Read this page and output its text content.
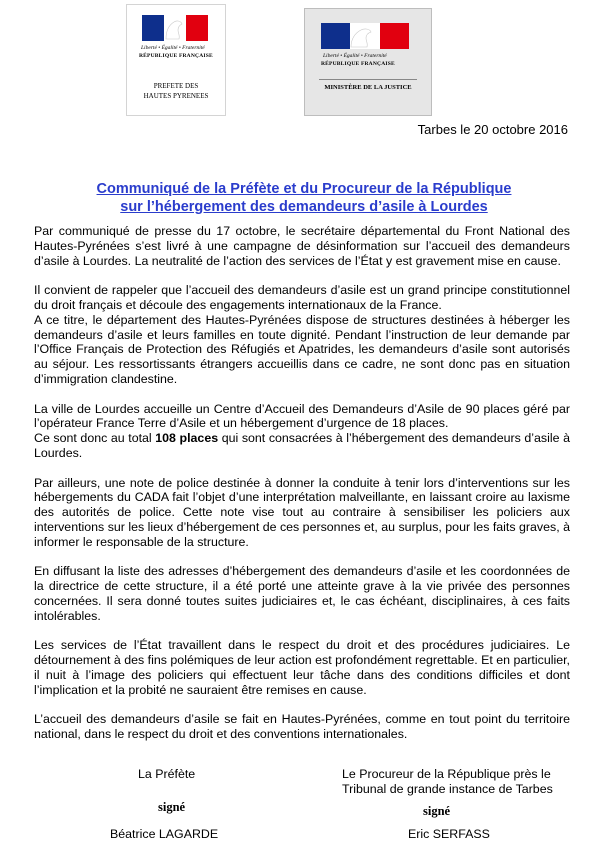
Liberté • Égalité • Fraternité
RÉPUBLIQUE FRANÇAISE
PREFETE DES
HAUTES PYRENEES
Liberté • Égalité • Fraternité
RÉPUBLIQUE FRANÇAISE
MINISTÈRE DE LA JUSTICE
Tarbes le 20 octobre 2016
Communiqué de la Préfète et du Procureur de la République
sur l’hébergement des demandeurs d’asile à Lourdes

Par communiqué de presse du 17 octobre, le secrétaire départemental du Front National des Hautes-Pyrénées s’est livré à une campagne de désinformation sur l’accueil des demandeurs d’asile à Lourdes. La neutralité de l’action des services de l’État y est gravement mise en cause.

Il convient de rappeler que l’accueil des demandeurs d’asile est un grand principe constitutionnel du droit français et découle des engagements internationaux de la France.
A ce titre, le département des Hautes-Pyrénées dispose de structures destinées à héberger les demandeurs d’asile et leurs familles en toute dignité. Pendant l’instruction de leur demande par l’Office Français de Protection des Réfugiés et Apatrides, les demandeurs d’asile sont autorisés au séjour. Les ressortissants étrangers accueillis dans ce cadre, ne sont donc pas en situation d’immigration clandestine.

La ville de Lourdes accueille un Centre d’Accueil des Demandeurs d’Asile de 90 places géré par l’opérateur France Terre d’Asile et un hébergement d’urgence de 18 places.
Ce sont donc au total 108 places qui sont consacrées à l’hébergement des demandeurs d’asile à Lourdes.

Par ailleurs, une note de police destinée à donner la conduite à tenir lors d’interventions sur les hébergements du CADA fait l’objet d’une interprétation malveillante, en laissant croire au laxisme des autorités de police. Cette note vise tout au contraire à sensibiliser les policiers aux interventions sur les lieux d’hébergement de ces personnes et, au surplus, pour les faits graves, à informer le responsable de la structure.

En diffusant la liste des adresses d’hébergement des demandeurs d’asile et les coordonnées de la directrice de cette structure, il a été porté une atteinte grave à la vie privée des personnes concernées. Il sera donné toutes suites judiciaires et, le cas échéant, disciplinaires, à ces faits intolérables.

Les services de l’État travaillent dans le respect du droit et des procédures judiciaires. Le détournement à des fins polémiques de leur action est profondément regrettable. Et en particulier, il nuit à l’image des policiers qui effectuent leur tâche dans des conditions difficiles et dont l’implication et la probité ne sauraient être remises en cause.

L’accueil des demandeurs d’asile se fait en Hautes-Pyrénées, comme en tout point du territoire national, dans le respect du droit et des conventions internationales.

La Préfète
signé
Béatrice LAGARDE
Le Procureur de la République près le
Tribunal de grande instance de Tarbes
signé
Eric SERFASS
